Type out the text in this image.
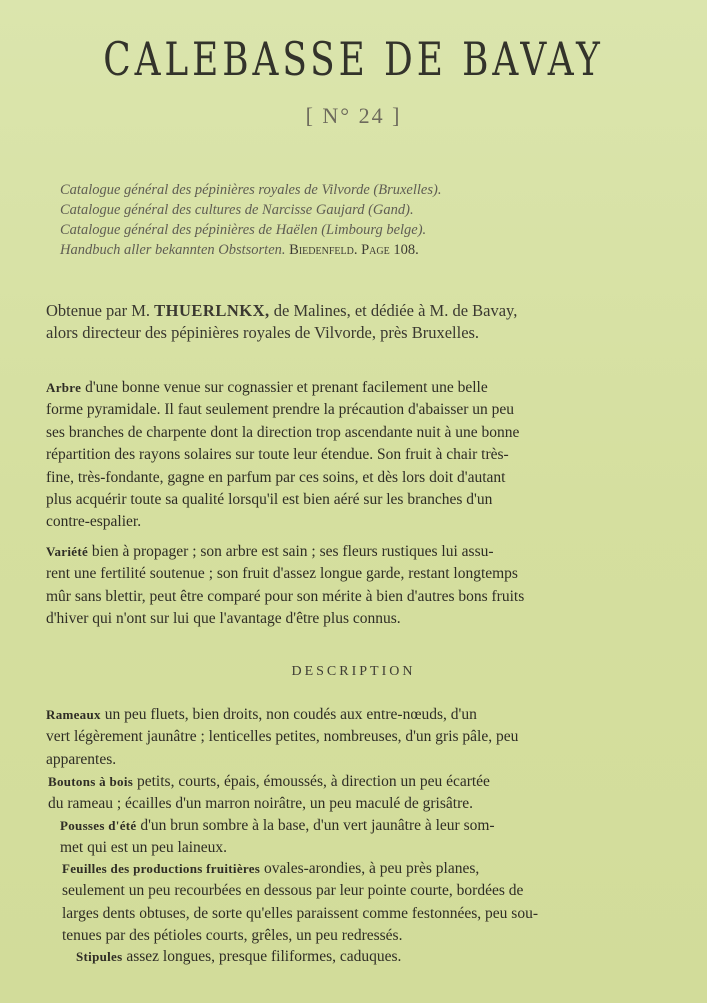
CALEBASSE DE BAVAY
[ N° 24 ]
Catalogue général des pépinières royales de Vilvorde (Bruxelles).
Catalogue général des cultures de Narcisse Gaujard (Gand).
Catalogue général des pépinières de Haëlen (Limbourg belge).
Handbuch aller bekannten Obstsorten. Biedenfeld. Page 108.
Obtenue par M. THUERLNKX, de Malines, et dédiée à M. de Bavay,
alors directeur des pépinières royales de Vilvorde, près Bruxelles.
Arbre d'une bonne venue sur cognassier et prenant facilement une belle
forme pyramidale. Il faut seulement prendre la précaution d'abaisser un peu
ses branches de charpente dont la direction trop ascendante nuit à une bonne
répartition des rayons solaires sur toute leur étendue. Son fruit à chair très-
fine, très-fondante, gagne en parfum par ces soins, et dès lors doit d'autant
plus acquérir toute sa qualité lorsqu'il est bien aéré sur les branches d'un
contre-espalier.
Variété bien à propager ; son arbre est sain ; ses fleurs rustiques lui assu-
rent une fertilité soutenue ; son fruit d'assez longue garde, restant longtemps
mûr sans blettir, peut être comparé pour son mérite à bien d'autres bons fruits
d'hiver qui n'ont sur lui que l'avantage d'être plus connus.
DESCRIPTION
Rameaux un peu fluets, bien droits, non coudés aux entre-nœuds, d'un
vert légèrement jaunâtre ; lenticelles petites, nombreuses, d'un gris pâle, peu
apparentes.
Boutons à bois petits, courts, épais, émoussés, à direction un peu écartée
du rameau ; écailles d'un marron noirâtre, un peu maculé de grisâtre.
Pousses d'été d'un brun sombre à la base, d'un vert jaunâtre à leur som-
met qui est un peu laineux.
Feuilles des productions fruitières ovales-arondies, à peu près planes,
seulement un peu recourbées en dessous par leur pointe courte, bordées de
larges dents obtuses, de sorte qu'elles paraissent comme festonnées, peu sou-
tenues par des pétioles courts, grêles, un peu redressés.
Stipules assez longues, presque filiformes, caduques.
